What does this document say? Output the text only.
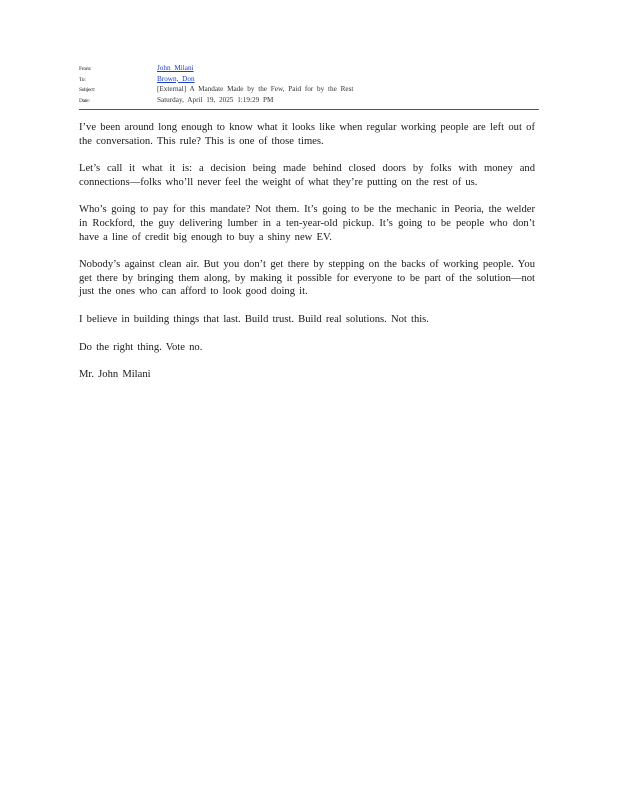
From:	John Milani
To:	Brown, Don
Subject:	[External] A Mandate Made by the Few, Paid for by the Rest
Date:	Saturday, April 19, 2025 1:19:29 PM

I’ve been around long enough to know what it looks like when regular working people are left out of the conversation. This rule? This is one of those times.

Let’s call it what it is: a decision being made behind closed doors by folks with money and connections—folks who’ll never feel the weight of what they’re putting on the rest of us.

Who’s going to pay for this mandate? Not them. It’s going to be the mechanic in Peoria, the welder in Rockford, the guy delivering lumber in a ten-year-old pickup. It’s going to be people who don’t have a line of credit big enough to buy a shiny new EV.

Nobody’s against clean air. But you don’t get there by stepping on the backs of working people. You get there by bringing them along, by making it possible for everyone to be part of the solution—not just the ones who can afford to look good doing it.

I believe in building things that last. Build trust. Build real solutions. Not this.

Do the right thing. Vote no.

Mr. John Milani
